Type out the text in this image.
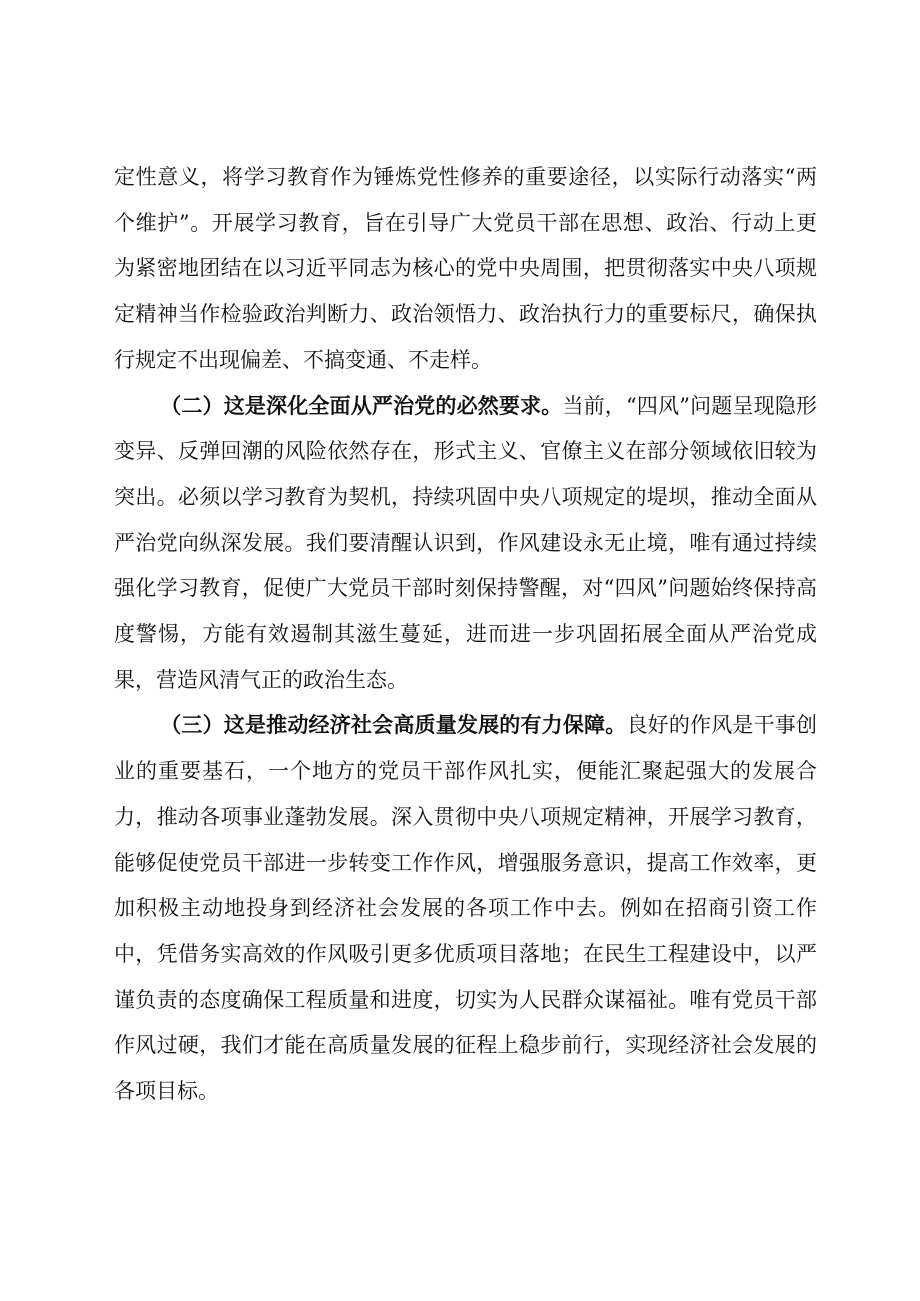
定性意义，将学习教育作为锤炼党性修养的重要途径，以实际行动落实“两个维护”。开展学习教育，旨在引导广大党员干部在思想、政治、行动上更为紧密地团结在以习近平同志为核心的党中央周围，把贯彻落实中央八项规定精神当作检验政治判断力、政治领悟力、政治执行力的重要标尺，确保执行规定不出现偏差、不搞变通、不走样。

（二）这是深化全面从严治党的必然要求。当前，“四风”问题呈现隐形变异、反弹回潮的风险依然存在，形式主义、官僚主义在部分领域依旧较为突出。必须以学习教育为契机，持续巩固中央八项规定的堤坝，推动全面从严治党向纵深发展。我们要清醒认识到，作风建设永无止境，唯有通过持续强化学习教育，促使广大党员干部时刻保持警醒，对“四风”问题始终保持高度警惕，方能有效遏制其滋生蔓延，进而进一步巩固拓展全面从严治党成果，营造风清气正的政治生态。

（三）这是推动经济社会高质量发展的有力保障。良好的作风是干事创业的重要基石，一个地方的党员干部作风扎实，便能汇聚起强大的发展合力，推动各项事业蓬勃发展。深入贯彻中央八项规定精神，开展学习教育，能够促使党员干部进一步转变工作作风，增强服务意识，提高工作效率，更加积极主动地投身到经济社会发展的各项工作中去。例如在招商引资工作中，凭借务实高效的作风吸引更多优质项目落地；在民生工程建设中，以严谨负责的态度确保工程质量和进度，切实为人民群众谋福祉。唯有党员干部作风过硬，我们才能在高质量发展的征程上稳步前行，实现经济社会发展的各项目标。
